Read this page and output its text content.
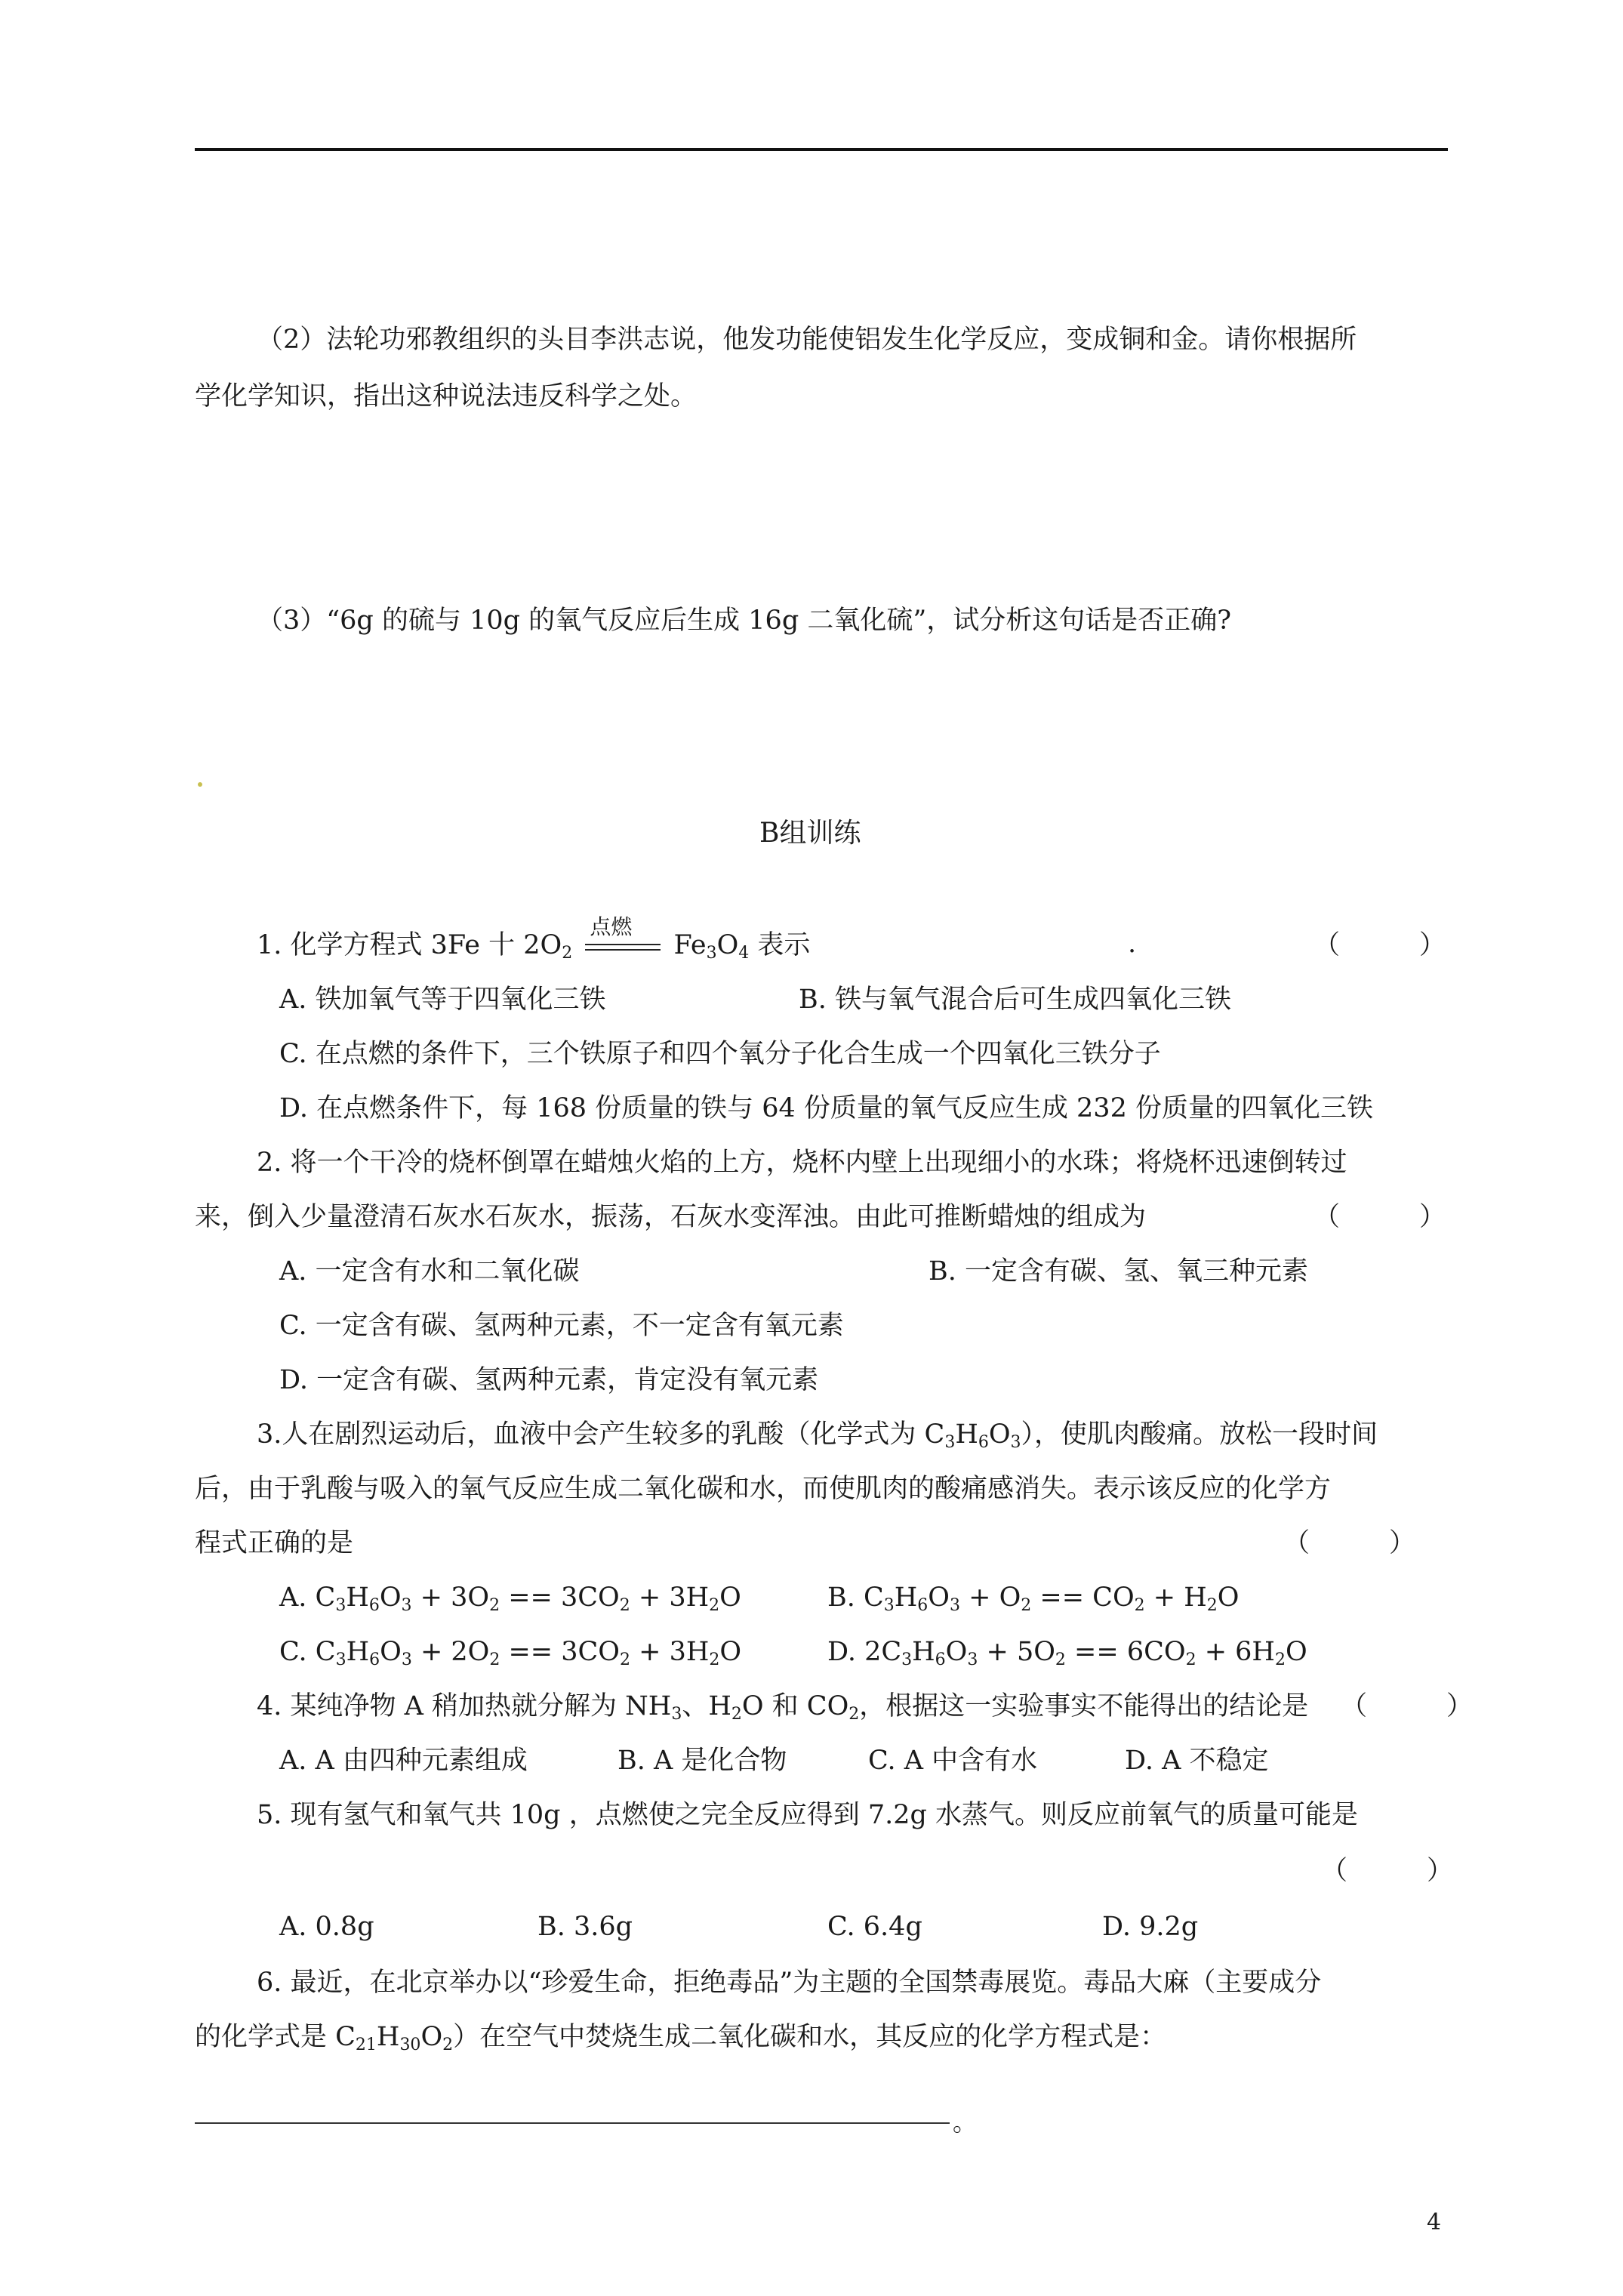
（2）法轮功邪教组织的头目李洪志说，他发功能使铝发生化学反应，变成铜和金。请你根据所
学化学知识，指出这种说法违反科学之处。
（3）“6g 的硫与 10g 的氧气反应后生成 16g 二氧化硫”，试分析这句话是否正确?
B组训练
1. 化学方程式 3Fe 十 $2O_2$
点燃
$Fe_3O_4$ 表示	.	（　　　）
A. 铁加氧气等于四氧化三铁	B. 铁与氧气混合后可生成四氧化三铁
C. 在点燃的条件下，三个铁原子和四个氧分子化合生成一个四氧化三铁分子
D. 在点燃条件下，每 168 份质量的铁与 64 份质量的氧气反应生成 232 份质量的四氧化三铁
2. 将一个干冷的烧杯倒罩在蜡烛火焰的上方，烧杯内壁上出现细小的水珠；将烧杯迅速倒转过
来，倒入少量澄清石灰水石灰水，振荡，石灰水变浑浊。由此可推断蜡烛的组成为	（　　　）
A. 一定含有水和二氧化碳	B. 一定含有碳、氢、氧三种元素
C. 一定含有碳、氢两种元素，不一定含有氧元素
D. 一定含有碳、氢两种元素，肯定没有氧元素
3.人在剧烈运动后，血液中会产生较多的乳酸（化学式为 $C_3H_6O_3$），使肌肉酸痛。放松一段时间
后，由于乳酸与吸入的氧气反应生成二氧化碳和水，而使肌肉的酸痛感消失。表示该反应的化学方
程式正确的是	（　　　）
A. $C_3H_6O_3 + 3O_2 == 3CO_2 + 3H_2O$	B. $C_3H_6O_3 + O_2 == CO_2 + H_2O$
C. $C_3H_6O_3 + 2O_2 == 3CO_2 + 3H_2O$	D. $2C_3H_6O_3 + 5O_2 == 6CO_2 + 6H_2O$
4. 某纯净物 A 稍加热就分解为 $NH_3$、$H_2O$ 和 $CO_2$，根据这一实验事实不能得出的结论是 （　　　）
A. A 由四种元素组成	B. A 是化合物	C. A 中含有水	D. A 不稳定
5. 现有氢气和氧气共 10g ，点燃使之完全反应得到 7.2g 水蒸气。则反应前氧气的质量可能是
（　　　）
A. 0.8g	B. 3.6g	C. 6.4g	D. 9.2g
6. 最近，在北京举办以“珍爱生命，拒绝毒品”为主题的全国禁毒展览。毒品大麻（主要成分
的化学式是 $C_{21}H_{30}O_2$）在空气中焚烧生成二氧化碳和水，其反应的化学方程式是：
。
4
